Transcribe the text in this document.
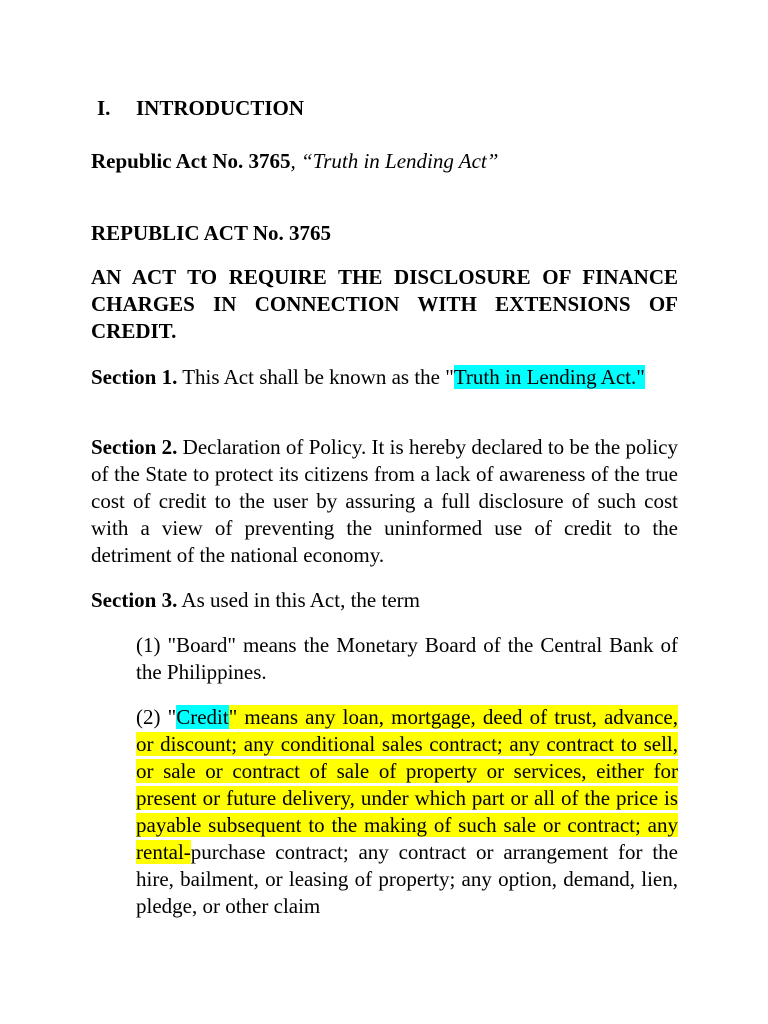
I. INTRODUCTION
Republic Act No. 3765, “Truth in Lending Act”
REPUBLIC ACT No. 3765
AN ACT TO REQUIRE THE DISCLOSURE OF FINANCE CHARGES IN CONNECTION WITH EXTENSIONS OF CREDIT.
Section 1. This Act shall be known as the "Truth in Lending Act."
Section 2. Declaration of Policy. It is hereby declared to be the policy of the State to protect its citizens from a lack of awareness of the true cost of credit to the user by assuring a full disclosure of such cost with a view of preventing the uninformed use of credit to the detriment of the national economy.
Section 3. As used in this Act, the term
(1) "Board" means the Monetary Board of the Central Bank of the Philippines.
(2) "Credit" means any loan, mortgage, deed of trust, advance, or discount; any conditional sales contract; any contract to sell, or sale or contract of sale of property or services, either for present or future delivery, under which part or all of the price is payable subsequent to the making of such sale or contract; any rental-purchase contract; any contract or arrangement for the hire, bailment, or leasing of property; any option, demand, lien, pledge, or other claim
